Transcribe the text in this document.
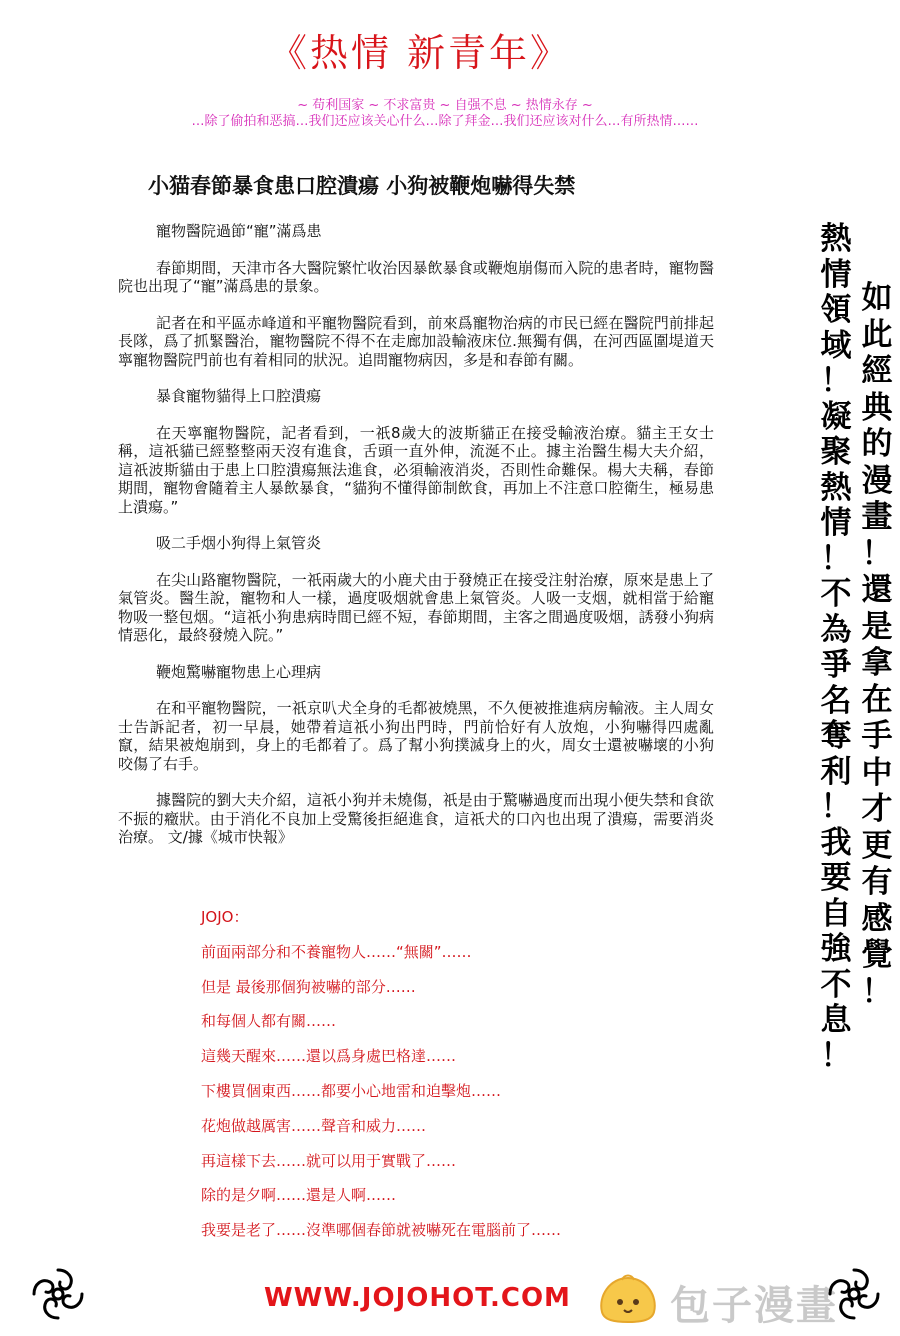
《热情 新青年》
~ 苟利国家 ~ 不求富贵 ~ 自强不息 ~ 热情永存 ~
…除了偷拍和恶搞…我们还应该关心什么…除了拜金…我们还应该对什么…有所热情……
小猫春節暴食患口腔潰瘍 小狗被鞭炮嚇得失禁

寵物醫院過節“寵”滿爲患

春節期間，天津市各大醫院繁忙收治因暴飲暴食或鞭炮崩傷而入院的患者時，寵物醫院也出現了“寵”滿爲患的景象。

記者在和平區赤峰道和平寵物醫院看到，前來爲寵物治病的市民已經在醫院門前排起長隊，爲了抓緊醫治，寵物醫院不得不在走廊加設輸液床位.無獨有偶，在河西區圍堤道天寧寵物醫院門前也有着相同的狀況。追問寵物病因，多是和春節有關。

暴食寵物貓得上口腔潰瘍

在天寧寵物醫院，記者看到，一祇8歲大的波斯貓正在接受輸液治療。貓主王女士稱，這祇貓已經整整兩天沒有進食，舌頭一直外伸，流涎不止。據主治醫生楊大夫介紹，這祇波斯貓由于患上口腔潰瘍無法進食，必須輸液消炎，否則性命難保。楊大夫稱，春節期間，寵物會隨着主人暴飲暴食，“貓狗不懂得節制飲食，再加上不注意口腔衛生，極易患上潰瘍。”

吸二手烟小狗得上氣管炎

在尖山路寵物醫院，一祇兩歲大的小鹿犬由于發燒正在接受注射治療，原來是患上了氣管炎。醫生說，寵物和人一樣，過度吸烟就會患上氣管炎。人吸一支烟，就相當于給寵物吸一整包烟。“這祇小狗患病時間已經不短，春節期間，主客之間過度吸烟，誘發小狗病情惡化，最終發燒入院。”

鞭炮驚嚇寵物患上心理病

在和平寵物醫院，一祇京叭犬全身的毛都被燒黑，不久便被推進病房輸液。主人周女士告訴記者，初一早晨，她帶着這祇小狗出門時，門前恰好有人放炮，小狗嚇得四處亂竄，結果被炮崩到，身上的毛都着了。爲了幫小狗撲滅身上的火，周女士還被嚇壞的小狗咬傷了右手。

據醫院的劉大夫介紹，這祇小狗并未燒傷，祇是由于驚嚇過度而出現小便失禁和食欲不振的癥狀。由于消化不良加上受驚後拒絕進食，這祇犬的口內也出現了潰瘍，需要消炎治療。 文/據《城市快報》

熱
情
領
域
！
凝
聚
熱
情
！
不
為
爭
名
奪
利
！
我
要
自
強
不
息
！
如
此
經
典
的
漫
畫
！
還
是
拿
在
手
中
才
更
有
感
覺
！
JOJO：
前面兩部分和不養寵物人……“無關”……
但是 最後那個狗被嚇的部分……
和每個人都有關……
這幾天醒來……還以爲身處巴格達……
下樓買個東西……都要小心地雷和迫擊炮……
花炮做越厲害……聲音和威力……
再這樣下去……就可以用于實戰了……
除的是夕啊……還是人啊……
我要是老了……沒準哪個春節就被嚇死在電腦前了……
WWW.JOJOHOT.COM 包子漫畫
